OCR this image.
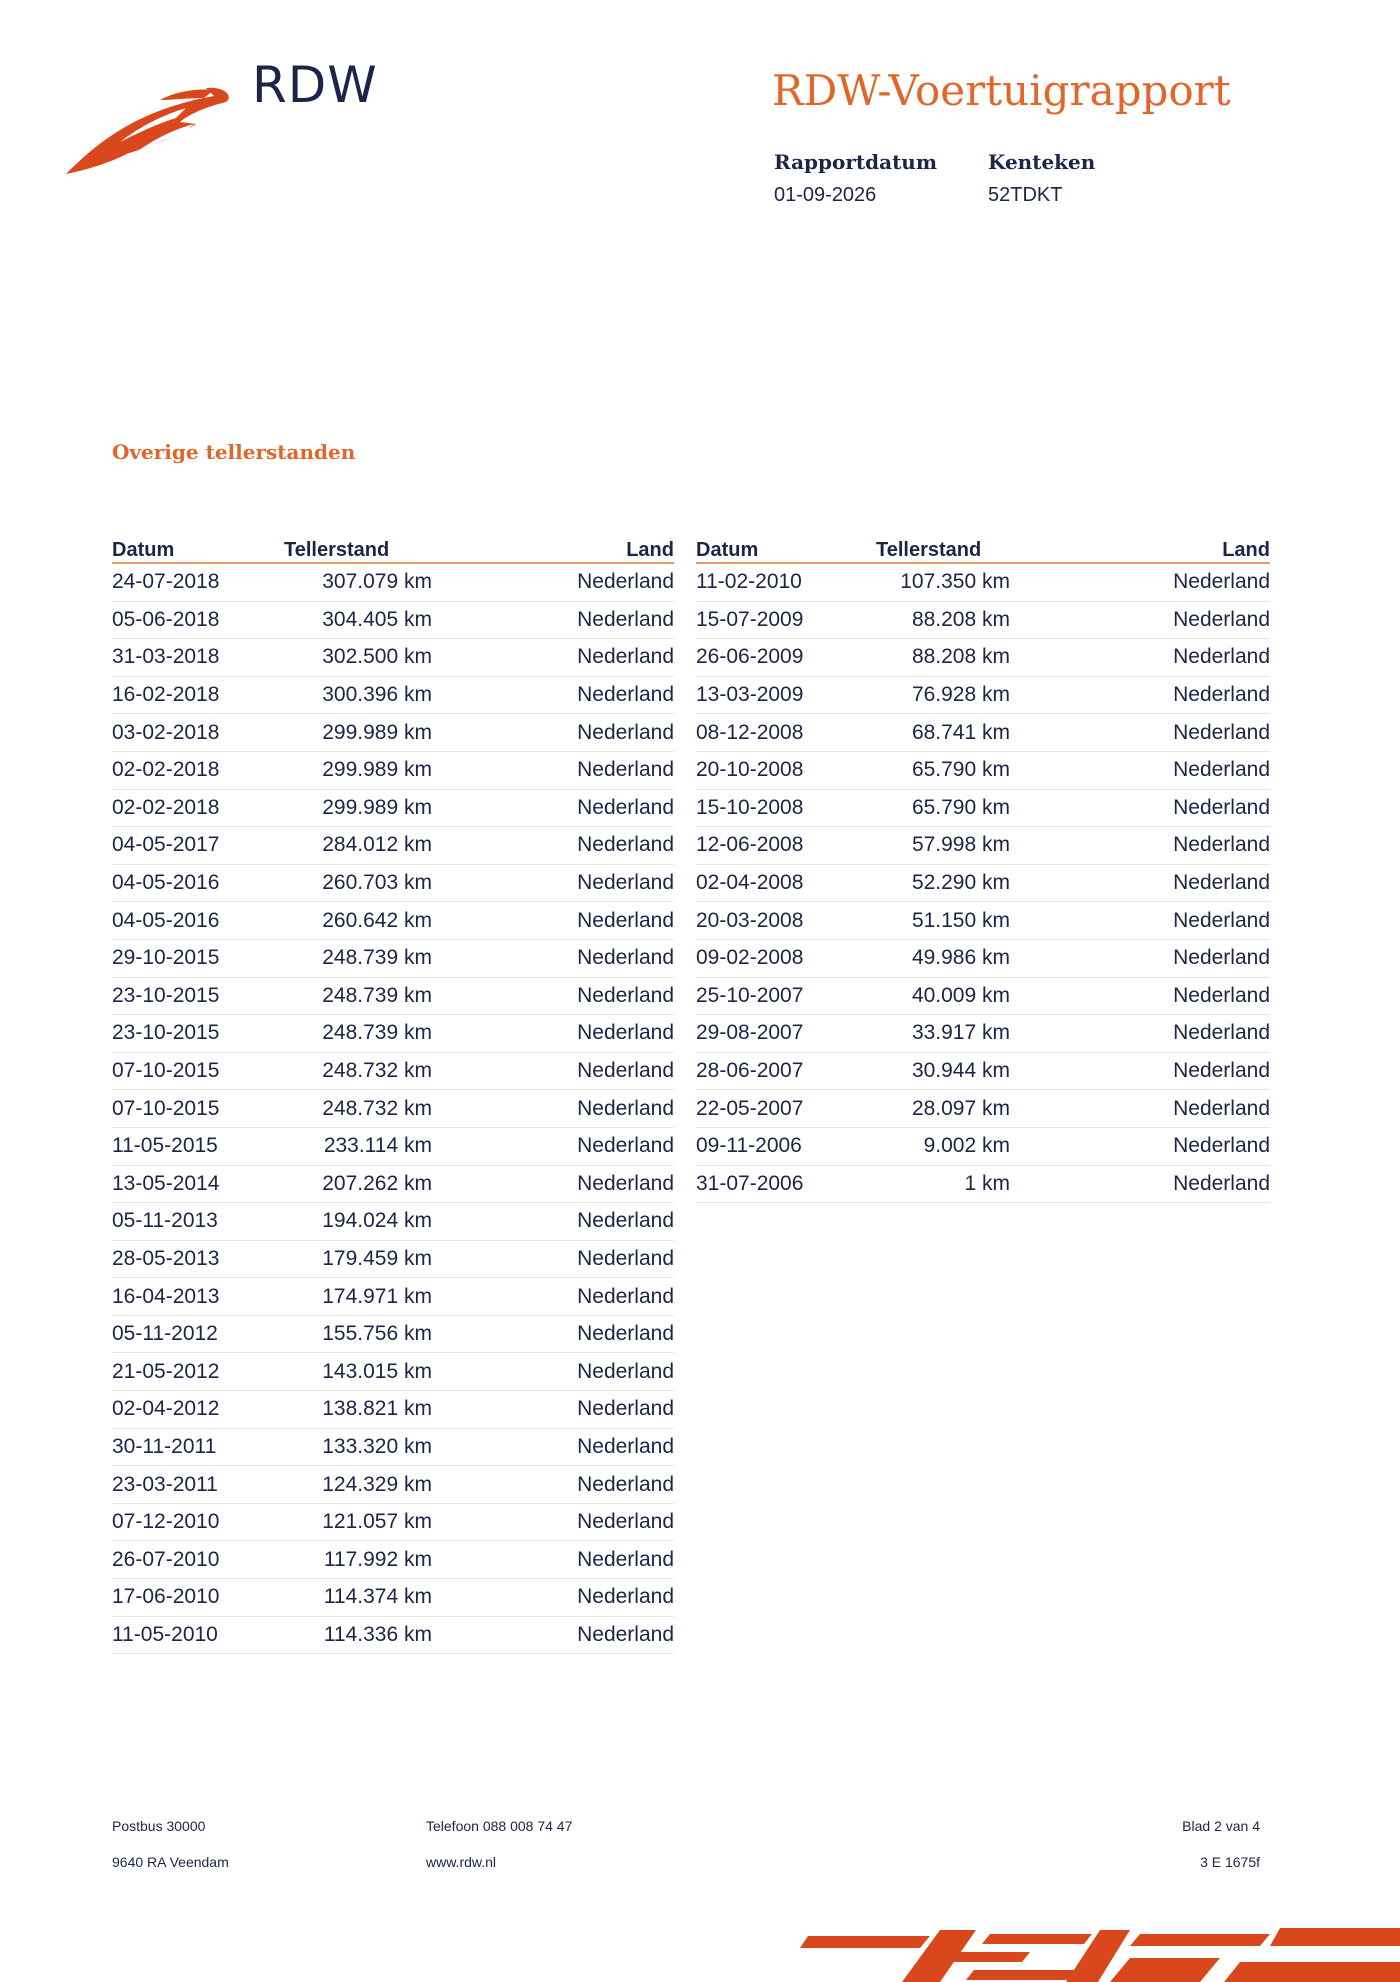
RDW	RDW-Voertuigrapport
Rapportdatum
01-09-2026
Kenteken
52TDKT
Overige tellerstanden
Datum	Tellerstand	Land
24-07-2018	307.079 km	Nederland
05-06-2018	304.405 km	Nederland
31-03-2018	302.500 km	Nederland
16-02-2018	300.396 km	Nederland
03-02-2018	299.989 km	Nederland
02-02-2018	299.989 km	Nederland
02-02-2018	299.989 km	Nederland
04-05-2017	284.012 km	Nederland
04-05-2016	260.703 km	Nederland
04-05-2016	260.642 km	Nederland
29-10-2015	248.739 km	Nederland
23-10-2015	248.739 km	Nederland
23-10-2015	248.739 km	Nederland
07-10-2015	248.732 km	Nederland
07-10-2015	248.732 km	Nederland
11-05-2015	233.114 km	Nederland
13-05-2014	207.262 km	Nederland
05-11-2013	194.024 km	Nederland
28-05-2013	179.459 km	Nederland
16-04-2013	174.971 km	Nederland
05-11-2012	155.756 km	Nederland
21-05-2012	143.015 km	Nederland
02-04-2012	138.821 km	Nederland
30-11-2011	133.320 km	Nederland
23-03-2011	124.329 km	Nederland
07-12-2010	121.057 km	Nederland
26-07-2010	117.992 km	Nederland
17-06-2010	114.374 km	Nederland
11-05-2010	114.336 km	Nederland
Datum	Tellerstand	Land
11-02-2010	107.350 km	Nederland
15-07-2009	88.208 km	Nederland
26-06-2009	88.208 km	Nederland
13-03-2009	76.928 km	Nederland
08-12-2008	68.741 km	Nederland
20-10-2008	65.790 km	Nederland
15-10-2008	65.790 km	Nederland
12-06-2008	57.998 km	Nederland
02-04-2008	52.290 km	Nederland
20-03-2008	51.150 km	Nederland
09-02-2008	49.986 km	Nederland
25-10-2007	40.009 km	Nederland
29-08-2007	33.917 km	Nederland
28-06-2007	30.944 km	Nederland
22-05-2007	28.097 km	Nederland
09-11-2006	9.002 km	Nederland
31-07-2006	1 km	Nederland
Postbus 30000
9640 RA Veendam
Telefoon 088 008 74 47
www.rdw.nl
Blad 2 van 4
3 E 1675f
